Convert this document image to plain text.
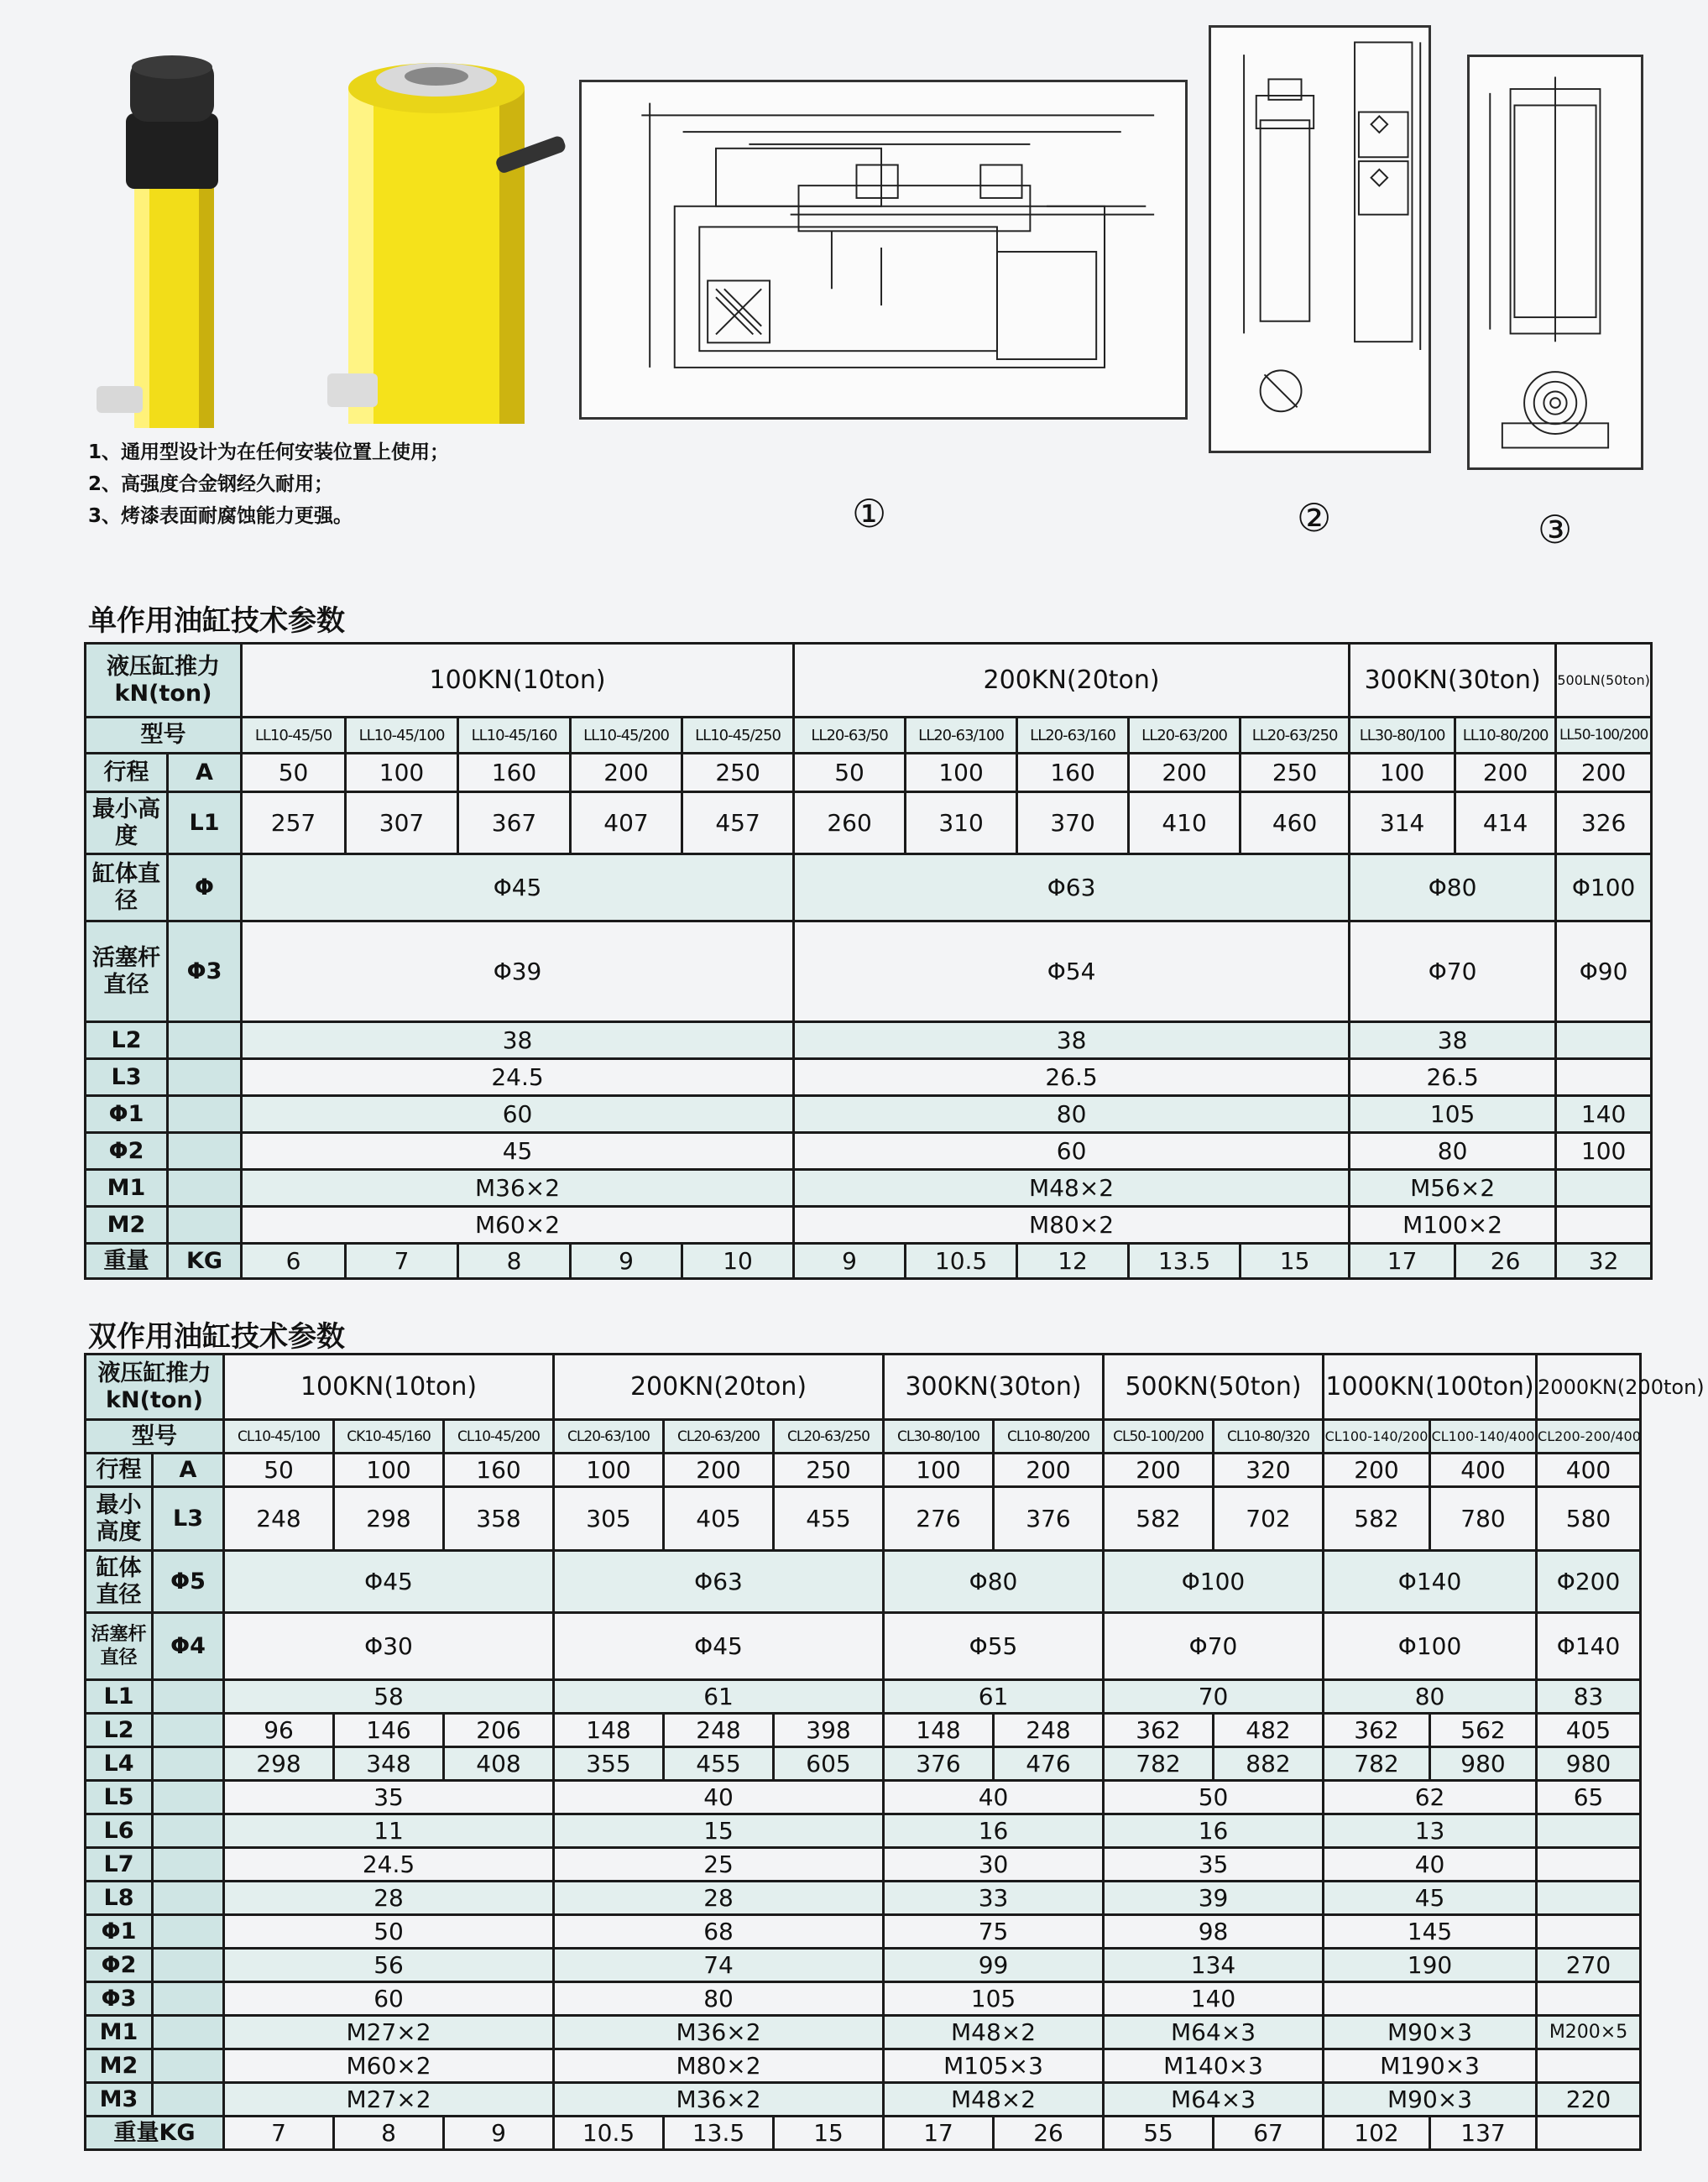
1、通用型设计为在任何安装位置上使用；
2、高强度合金钢经久耐用；
3、烤漆表面耐腐蚀能力更强。	①	②	③
单作用油缸技术参数
液压缸推力kN(ton)		100KN(10ton)					200KN(20ton)					300KN(30ton)		500LN(50ton)
型号		LL10-45/50	LL10-45/100	LL10-45/160	LL10-45/200	LL10-45/250	LL20-63/50	LL20-63/100	LL20-63/160	LL20-63/200	LL20-63/250	LL30-80/100	LL10-80/200	LL50-100/200
行程	A	50	100	160	200	250	50	100	160	200	250	100	200	200
最小高度	L1	257	307	367	407	457	260	310	370	410	460	314	414	326
缸体直径	Φ	Φ45					Φ63					Φ80		Φ100
活塞杆直径	Φ3	Φ39					Φ54					Φ70		Φ90
L2		38					38					38		
L3		24.5					26.5					26.5		
Φ1		60					80					105		140
Φ2		45					60					80		100
M1		M36×2					M48×2					M56×2		
M2		M60×2					M80×2					M100×2		
重量	KG	6	7	8	9	10	9	10.5	12	13.5	15	17	26	32
双作用油缸技术参数
液压缸推力kN(ton)		100KN(10ton)			200KN(20ton)			300KN(30ton)		500KN(50ton)		1000KN(100ton)		2000KN(200ton)
型号		CL10-45/100	CK10-45/160	CL10-45/200	CL20-63/100	CL20-63/200	CL20-63/250	CL30-80/100	CL10-80/200	CL50-100/200	CL10-80/320	CL100-140/200	CL100-140/400	CL200-200/400
行程	A	50	100	160	100	200	250	100	200	200	320	200	400	400
最小高度	L3	248	298	358	305	405	455	276	376	582	702	582	780	580
缸体直径	Φ5	Φ45			Φ63			Φ80		Φ100		Φ140		Φ200
活塞杆直径	Φ4	Φ30			Φ45			Φ55		Φ70		Φ100		Φ140
L1		58			61			61		70		80		83
L2		96	146	206	148	248	398	148	248	362	482	362	562	405
L4		298	348	408	355	455	605	376	476	782	882	782	980	980
L5		35			40			40		50		62		65
L6		11			15			16		16		13		
L7		24.5			25			30		35		40		
L8		28			28			33		39		45		
Φ1		50			68			75		98		145		
Φ2		56			74			99		134		190		270
Φ3		60			80			105		140				
M1		M27×2			M36×2			M48×2		M64×3		M90×3		M200×5
M2		M60×2			M80×2			M105×3		M140×3		M190×3		
M3		M27×2			M36×2			M48×2		M64×3		M90×3		220
重量KG		7	8	9	10.5	13.5	15	17	26	55	67	102	137	
